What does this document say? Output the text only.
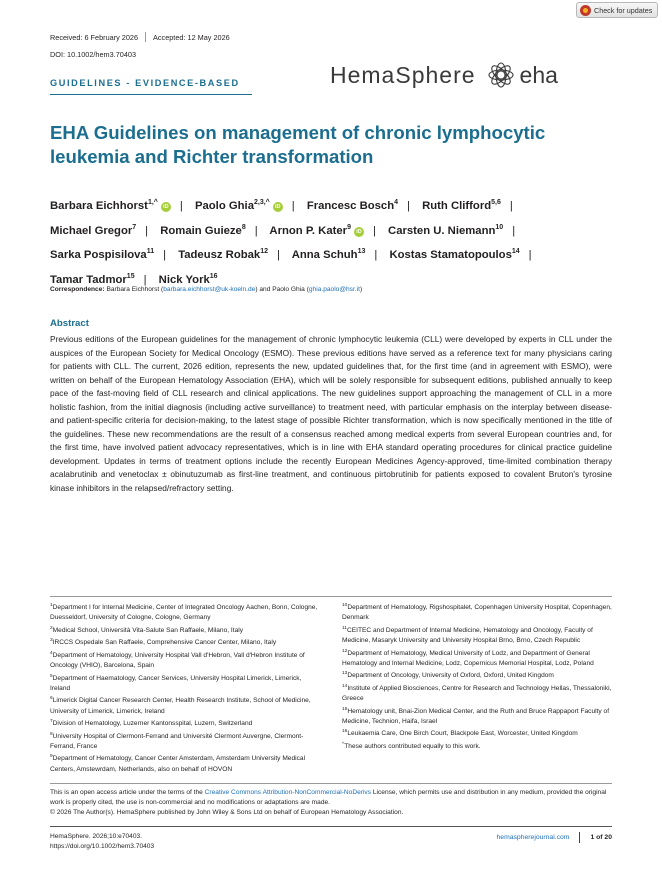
Check for updates
Received: 6 February 2026 Accepted: 12 May 2026
DOI: 10.1002/hem3.70403
GUIDELINES - EVIDENCE-BASED	HemaSphere eha
EHA Guidelines on management of chronic lymphocytic leukemia and Richter transformation
Barbara Eichhorst$^{1,\^{}}$iD | Paolo Ghia$^{2,3,\^{}}$iD | Francesc Bosch$^4$ | Ruth Clifford$^{5,6}$ | Michael Gregor$^7$ | Romain Guieze$^8$ | Arnon P. Kater$^9$iD | Carsten U. Niemann$^{10}$ | Sarka Pospisilova$^{11}$ | Tadeusz Robak$^{12}$ | Anna Schuh$^{13}$ | Kostas Stamatopoulos$^{14}$ | Tamar Tadmor$^{15}$ | Nick York$^{16}$
Correspondence: Barbara Eichhorst (barbara.eichhorst@uk-koeln.de) and Paolo Ghia (ghia.paolo@hsr.it)
Abstract

Previous editions of the European guidelines for the management of chronic lymphocytic leukemia (CLL) were developed by experts in CLL under the auspices of the European Society for Medical Oncology (ESMO). These previous editions have served as a reference text for many physicians caring for patients with CLL. The current, 2026 edition, represents the new, updated guidelines that, for the first time (and in agreement with ESMO), were written on behalf of the European Hematology Association (EHA), which will be solely responsible for subsequent editions, published annually to keep pace of the fast-moving field of CLL research and clinical applications. The new guidelines support approaching the management of CLL in a more holistic fashion, from the initial diagnosis (including active surveillance) to treatment need, with particular emphasis on the interplay between disease- and patient-specific criteria for decision-making, to the latest stage of possible Richter transformation, which is now specifically mentioned in the title of the guidelines. These new recommendations are the result of a consensus reached among medical experts from several European countries and, for the first time, have involved patient advocacy representatives, which is in line with EHA standard operating procedures for clinical practice guideline development. Updates in terms of treatment options include the recently European Medicines Agency-approved, time-limited combination therapy acalabrutinib and venetoclax ± obinutuzumab as first-line treatment, and continuous pirtobrutinib for patients exposed to covalent Bruton's tyrosine kinase inhibitors in the relapsed/refractory setting.

$^1$Department I for Internal Medicine, Center of Integrated Oncology Aachen, Bonn, Cologne, Duesseldorf, University of Cologne, Cologne, Germany
$^2$Medical School, Università Vita-Salute San Raffaele, Milano, Italy
$^3$IRCCS Ospedale San Raffaele, Comprehensive Cancer Center, Milano, Italy
$^4$Department of Hematology, University Hospital Vall d'Hebron, Vall d'Hebron Institute of Oncology (VHIO), Barcelona, Spain
$^5$Department of Haematology, Cancer Services, University Hospital Limerick, Limerick, Ireland
$^6$Limerick Digital Cancer Research Center, Health Research Institute, School of Medicine, University of Limerick, Limerick, Ireland
$^7$Division of Hematology, Luzerner Kantonsspital, Luzern, Switzerland
$^8$University Hospital of Clermont-Ferrand and Université Clermont Auvergne, Clermont-Ferrand, France
$^9$Department of Hematology, Cancer Center Amsterdam, Amsterdam University Medical Centers, Amstewrdam, Netherlands, also on behalf of HOVON
$^{10}$Department of Hematology, Rigshospitalet, Copenhagen University Hospital, Copenhagen, Denmark
$^{11}$CEITEC and Department of Internal Medicine, Hematology and Oncology, Faculty of Medicine, Masaryk University and University Hospital Brno, Brno, Czech Republic
$^{12}$Department of Hematology, Medical University of Lodz, and Department of General Hematology and Internal Medicine, Lodz, Copernicus Memorial Hospital, Lodz, Poland
$^{13}$Department of Oncology, University of Oxford, Oxford, United Kingdom
$^{14}$Institute of Applied Biosciences, Centre for Research and Technology Hellas, Thessaloniki, Greece
$^{15}$Hematology unit, Bnai-Zion Medical Center, and the Ruth and Bruce Rappaport Faculty of Medicine, Technion, Haifa, Israel
$^{16}$Leukaemia Care, One Birch Court, Blackpole East, Worcester, United Kingdom
^These authors contributed equally to this work.
This is an open access article under the terms of the Creative Commons Attribution-NonCommercial-NoDerivs License, which permits use and distribution in any medium, provided the original work is properly cited, the use is non-commercial and no modifications or adaptations are made.
© 2026 The Author(s). HemaSphere published by John Wiley & Sons Ltd on behalf of European Hematology Association.
HemaSphere. 2026;10:e70403.
https://doi.org/10.1002/hem3.70403
hemaspherejournal.com	1 of 20
